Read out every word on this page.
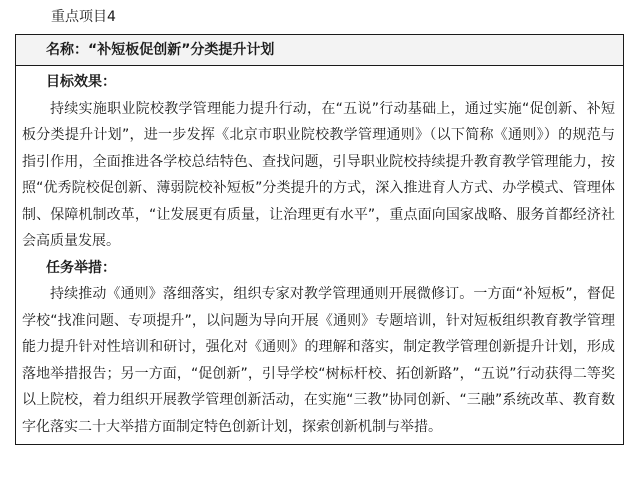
重点项目4
名称：“补短板促创新”分类提升计划
目标效果：

持续实施职业院校教学管理能力提升行动，在“五说”行动基础上，通过实施“促创新、补短板分类提升计划”，进一步发挥《北京市职业院校教学管理通则》（以下简称《通则》）的规范与指引作用，全面推进各学校总结特色、查找问题，引导职业院校持续提升教育教学管理能力，按照“优秀院校促创新、薄弱院校补短板”分类提升的方式，深入推进育人方式、办学模式、管理体制、保障机制改革，“让发展更有质量，让治理更有水平”，重点面向国家战略、服务首都经济社会高质量发展。

任务举措：

持续推动《通则》落细落实，组织专家对教学管理通则开展微修订。一方面“补短板”，督促学校“找准问题、专项提升”，以问题为导向开展《通则》专题培训，针对短板组织教育教学管理能力提升针对性培训和研讨，强化对《通则》的理解和落实，制定教学管理创新提升计划，形成落地举措报告；另一方面，“促创新”，引导学校“树标杆校、拓创新路”，“五说”行动获得二等奖以上院校，着力组织开展教学管理创新活动，在实施“三教”协同创新、“三融”系统改革、教育数字化落实二十大举措方面制定特色创新计划，探索创新机制与举措。
